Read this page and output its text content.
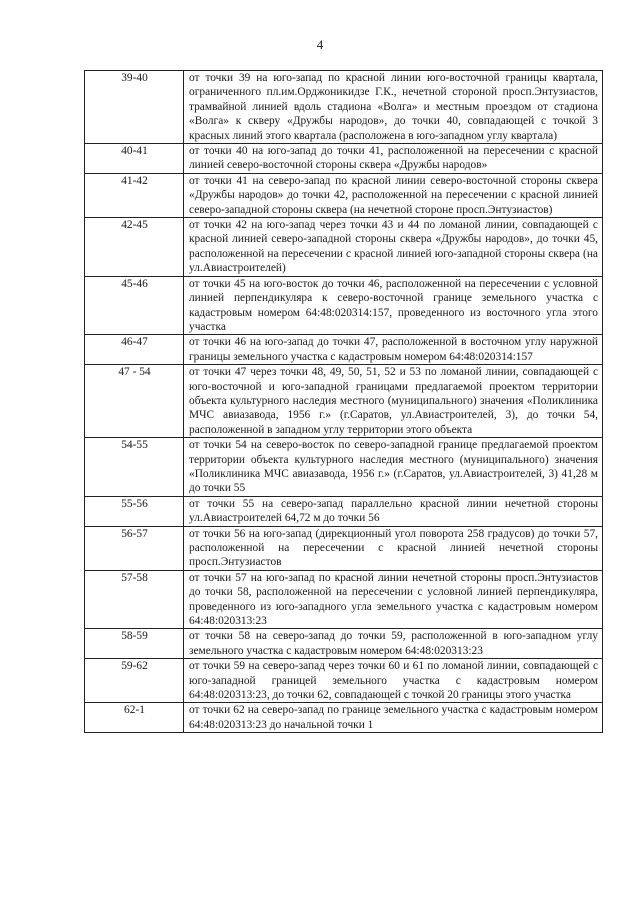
4
39-40	от точки 39 на юго-запад по красной линии юго-восточной границы квартала, ограниченного пл.им.Орджоникидзе Г.К., нечетной стороной просп.Энтузиастов, трамвайной линией вдоль стадиона «Волга» и местным проездом от стадиона «Волга» к скверу «Дружбы народов», до точки 40, совпадающей с точкой 3 красных линий этого квартала (расположена в юго-западном углу квартала)
40-41	от точки 40 на юго-запад до точки 41, расположенной на пересечении с красной линией северо-восточной стороны сквера «Дружбы народов»
41-42	от точки 41 на северо-запад по красной линии северо-восточной стороны сквера «Дружбы народов» до точки 42, расположенной на пересечении с красной линией северо-западной стороны сквера (на нечетной стороне просп.Энтузиастов)
42-45	от точки 42 на юго-запад через точки 43 и 44 по ломаной линии, совпадающей с красной линией северо-западной стороны сквера «Дружбы народов», до точки 45, расположенной на пересечении с красной линией юго-западной стороны сквера (на ул.Авиастроителей)
45-46	от точки 45 на юго-восток до точки 46, расположенной на пересечении с условной линией перпендикуляра к северо-восточной границе земельного участка с кадастровым номером 64:48:020314:157, проведенного из восточного угла этого участка
46-47	от точки 46 на юго-запад до точки 47, расположенной в восточном углу наружной границы земельного участка с кадастровым номером 64:48:020314:157
47 - 54	от точки 47 через точки 48, 49, 50, 51, 52 и 53 по ломаной линии, совпадающей с юго-восточной и юго-западной границами предлагаемой проектом территории объекта культурного наследия местного (муниципального) значения «Поликлиника МЧС авиазавода, 1956 г.» (г.Саратов, ул.Авиастроителей, 3), до точки 54, расположенной в западном углу территории этого объекта
54-55	от точки 54 на северо-восток по северо-западной границе предлагаемой проектом территории объекта культурного наследия местного (муниципального) значения «Поликлиника МЧС авиазавода, 1956 г.» (г.Саратов, ул.Авиастроителей, 3) 41,28 м до точки 55
55-56	от точки 55 на северо-запад параллельно красной линии нечетной стороны ул.Авиастроителей 64,72 м до точки 56
56-57	от точки 56 на юго-запад (дирекционный угол поворота 258 градусов) до точки 57, расположенной на пересечении с красной линией нечетной стороны просп.Энтузиастов
57-58	от точки 57 на юго-запад по красной линии нечетной стороны просп.Энтузиастов до точки 58, расположенной на пересечении с условной линией перпендикуляра, проведенного из юго-западного угла земельного участка с кадастровым номером 64:48:020313:23
58-59	от точки 58 на северо-запад до точки 59, расположенной в юго-западном углу земельного участка с кадастровым номером 64:48:020313:23
59-62	от точки 59 на северо-запад через точки 60 и 61 по ломаной линии, совпадающей с юго-западной границей земельного участка с кадастровым номером 64:48:020313:23, до точки 62, совпадающей с точкой 20 границы этого участка
62-1	от точки 62 на северо-запад по границе земельного участка с кадастровым номером 64:48:020313:23 до начальной точки 1
